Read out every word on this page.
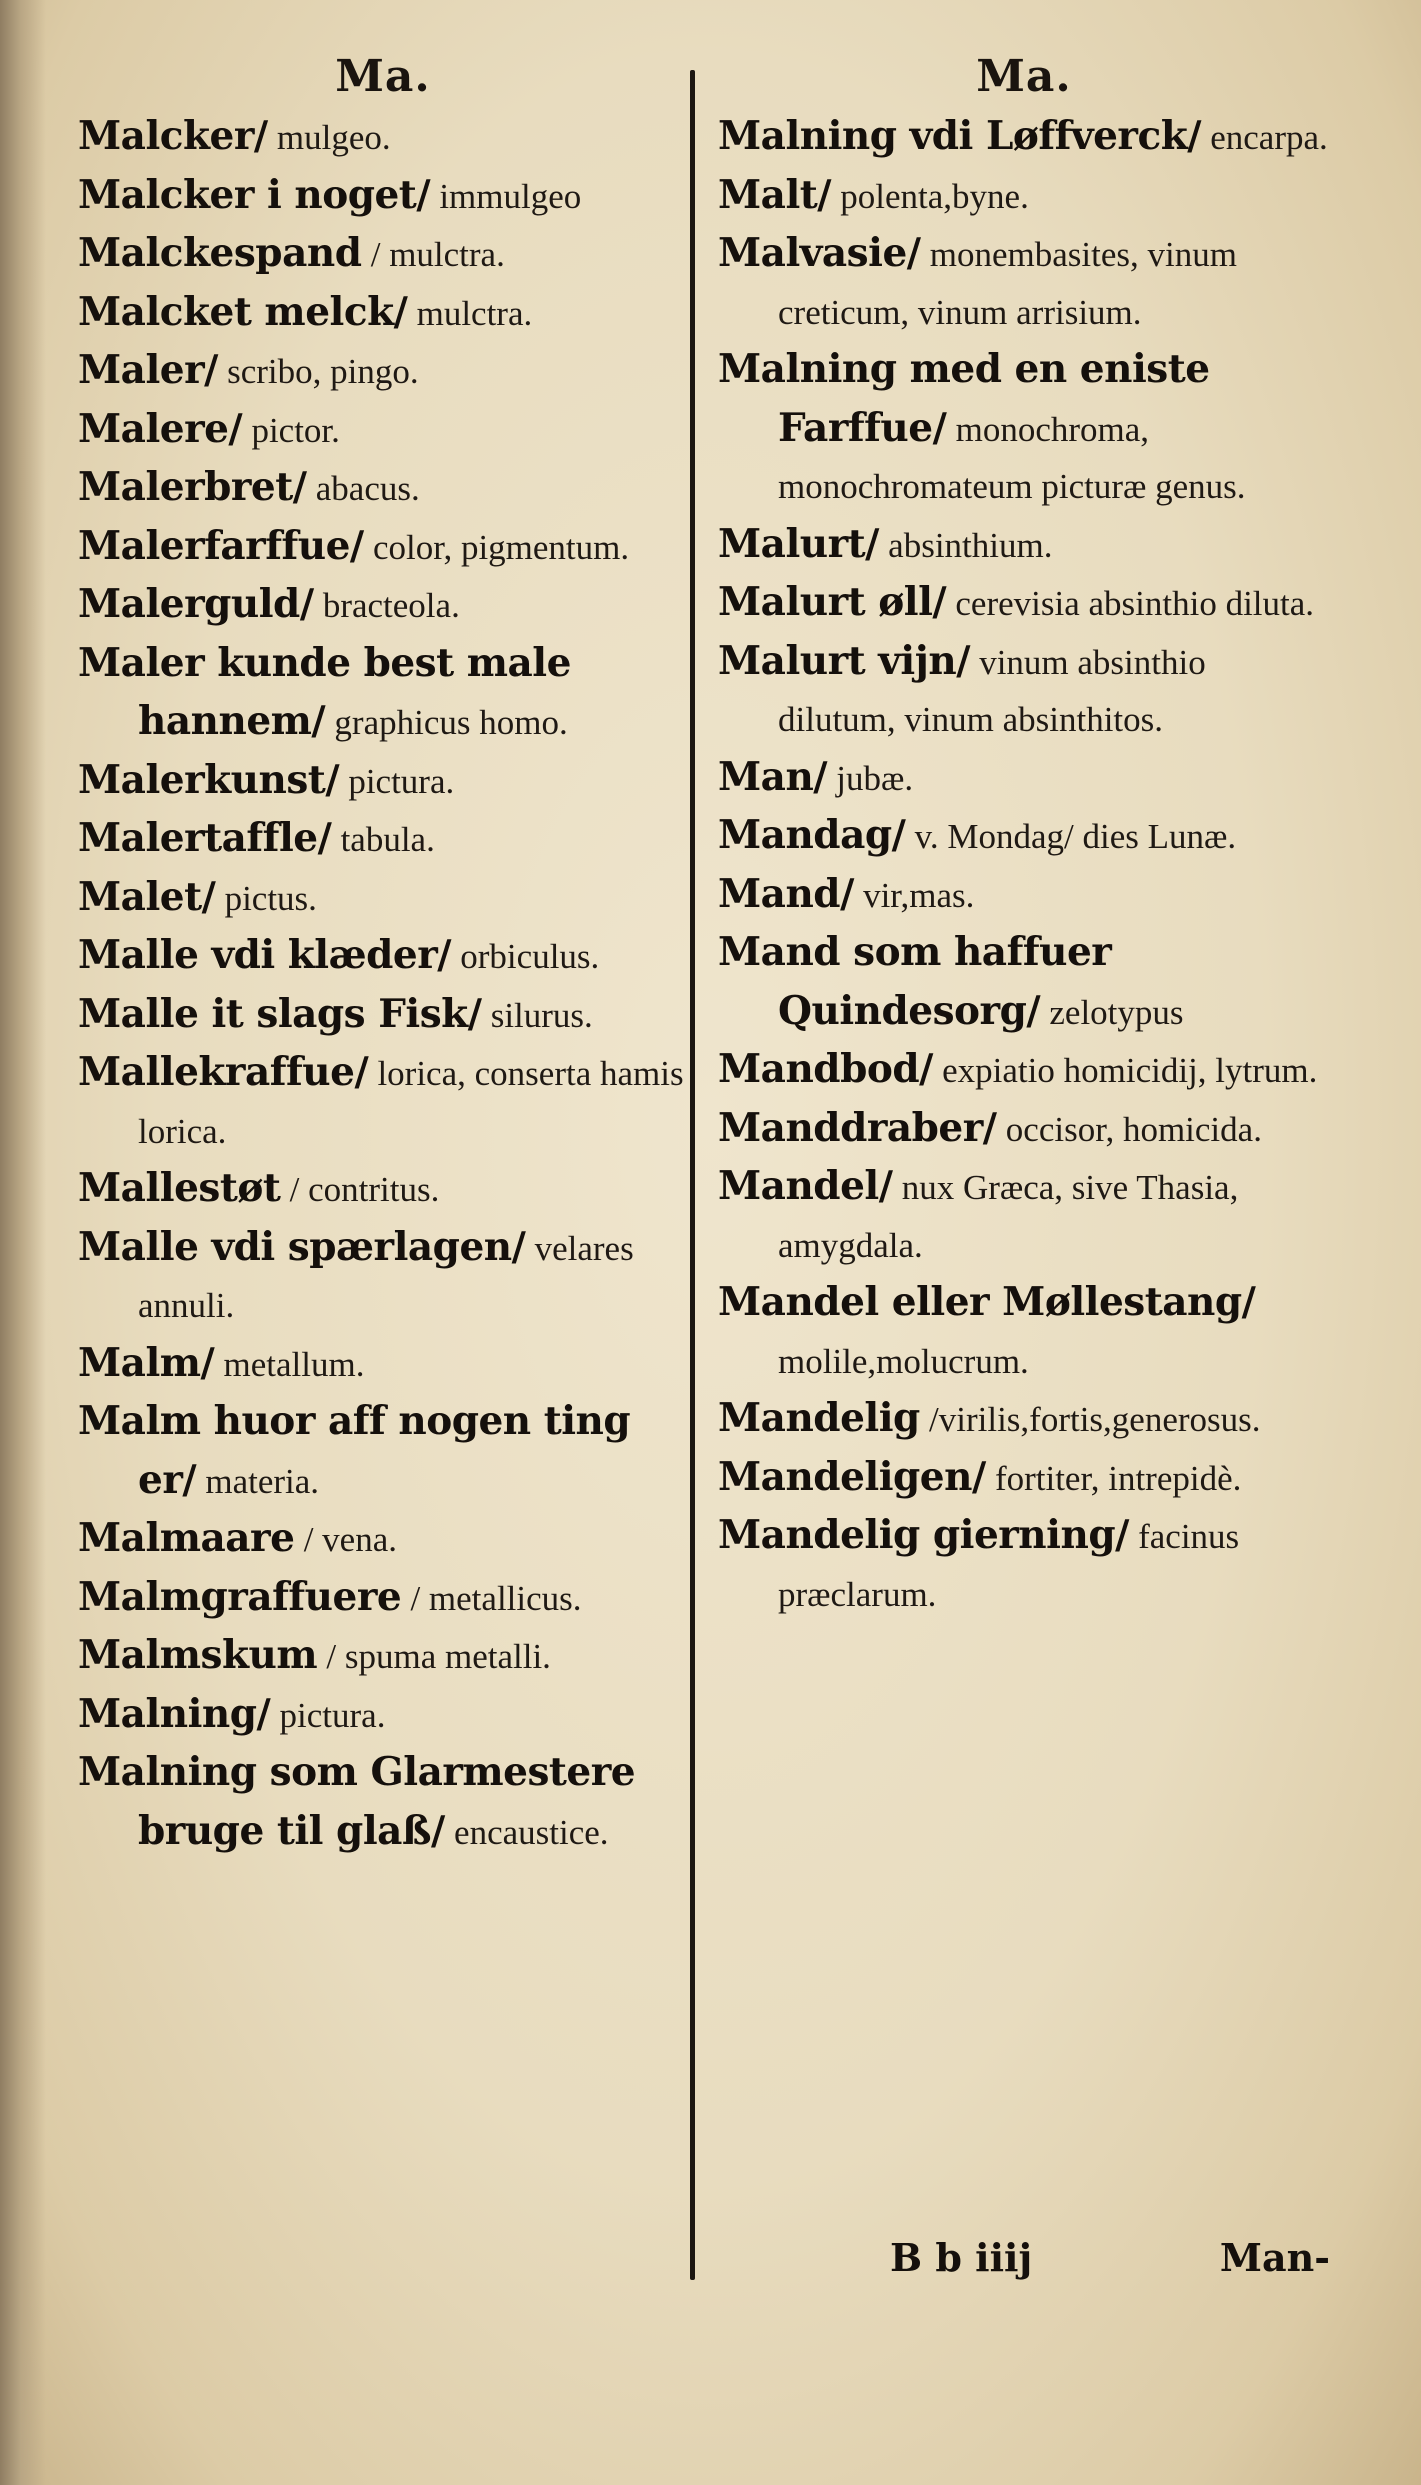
Ma.

Malcker/ mulgeo.

Malcker i noget/ immulgeo

Malckespand / mulctra.

Malcket melck/ mulctra.

Maler/ scribo, pingo.

Malere/ pictor.

Malerbret/ abacus.

Malerfarffue/ color, pigmentum.

Malerguld/ bracteola.

Maler kunde best male hannem/ graphicus homo.

Malerkunst/ pictura.

Malertaffle/ tabula.

Malet/ pictus.

Malle vdi klæder/ orbiculus.

Malle it slags Fisk/ silurus.

Mallekraffue/ lorica, conserta hamis lorica.

Mallestøt / contritus.

Malle vdi spærlagen/ velares annuli.

Malm/ metallum.

Malm huor aff nogen ting er/ materia.

Malmaare / vena.

Malmgraffuere / metallicus.

Malmskum / spuma metalli.

Malning/ pictura.

Malning som Glarmestere bruge til glaß/ encaustice.

Ma.

Malning vdi Løffverck/ encarpa.

Malt/ polenta,byne.

Malvasie/ monembasites, vinum creticum, vinum arrisium.

Malning med en eniste Farffue/ monochroma, monochromateum picturæ genus.

Malurt/ absinthium.

Malurt øll/ cerevisia absinthio diluta.

Malurt vijn/ vinum absinthio dilutum, vinum absinthitos.

Man/ jubæ.

Mandag/ v. Mondag/ dies Lunæ.

Mand/ vir,mas.

Mand som haffuer Quindesorg/ zelotypus

Mandbod/ expiatio homicidij, lytrum.

Manddraber/ occisor, homicida.

Mandel/ nux Græca, sive Thasia, amygdala.

Mandel eller Møllestang/ molile,molucrum.

Mandelig /virilis,fortis,generosus.

Mandeligen/ fortiter, intrepidè.

Mandelig gierning/ facinus præclarum.

B b iiij	Man-
